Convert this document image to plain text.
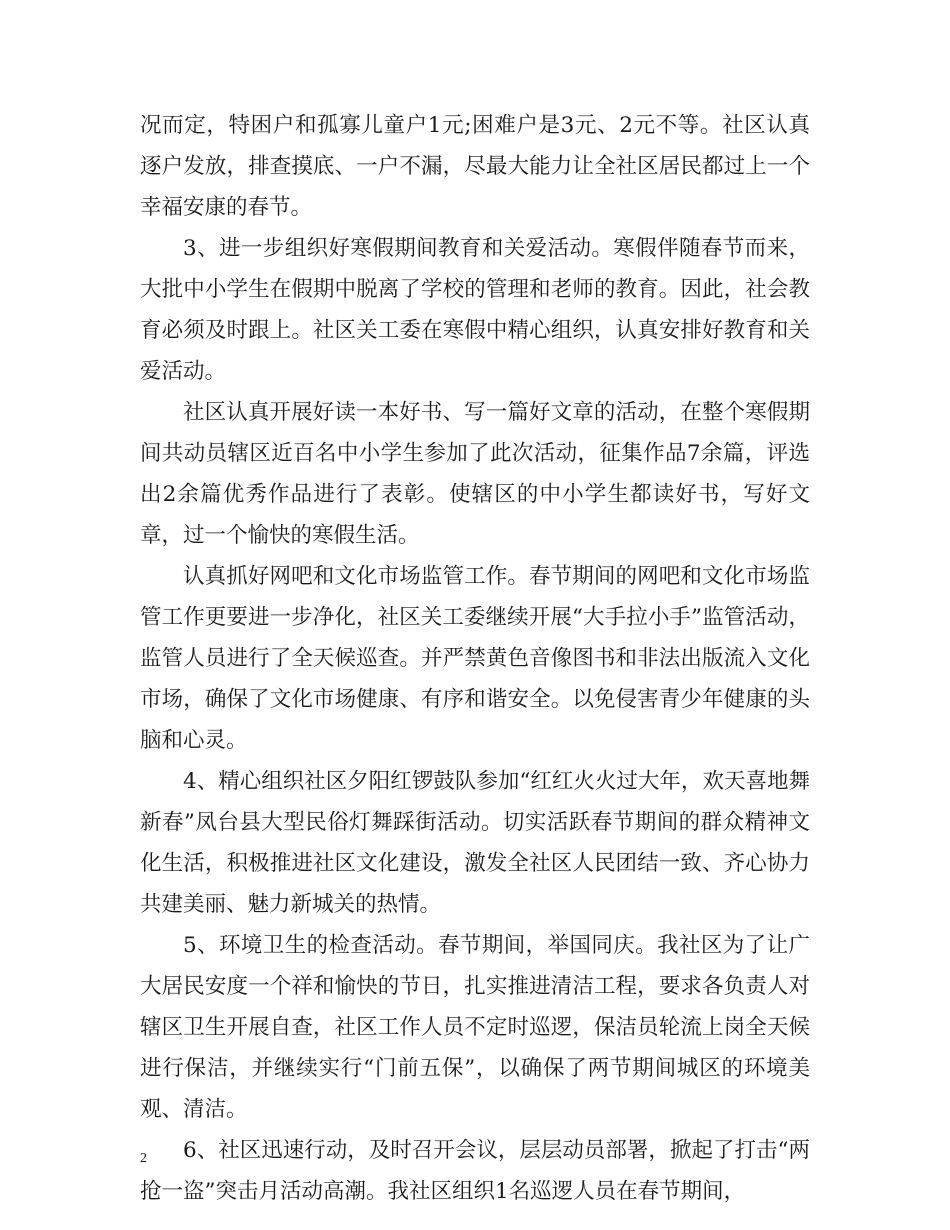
况而定，特困户和孤寡儿童户1元;困难户是3元、2元不等。社区认真逐户发放，排查摸底、一户不漏，尽最大能力让全社区居民都过上一个幸福安康的春节。

3、进一步组织好寒假期间教育和关爱活动。寒假伴随春节而来，大批中小学生在假期中脱离了学校的管理和老师的教育。因此，社会教育必须及时跟上。社区关工委在寒假中精心组织，认真安排好教育和关爱活动。

社区认真开展好读一本好书、写一篇好文章的活动，在整个寒假期间共动员辖区近百名中小学生参加了此次活动，征集作品7余篇，评选出2余篇优秀作品进行了表彰。使辖区的中小学生都读好书，写好文章，过一个愉快的寒假生活。

认真抓好网吧和文化市场监管工作。春节期间的网吧和文化市场监管工作更要进一步净化，社区关工委继续开展“大手拉小手”监管活动，监管人员进行了全天候巡查。并严禁黄色音像图书和非法出版流入文化市场，确保了文化市场健康、有序和谐安全。以免侵害青少年健康的头脑和心灵。

4、精心组织社区夕阳红锣鼓队参加“红红火火过大年，欢天喜地舞新春”凤台县大型民俗灯舞踩街活动。切实活跃春节期间的群众精神文化生活，积极推进社区文化建设，激发全社区人民团结一致、齐心协力共建美丽、魅力新城关的热情。

5、环境卫生的检查活动。春节期间，举国同庆。我社区为了让广大居民安度一个祥和愉快的节日，扎实推进清洁工程，要求各负责人对辖区卫生开展自查，社区工作人员不定时巡逻，保洁员轮流上岗全天候进行保洁，并继续实行“门前五保”，以确保了两节期间城区的环境美观、清洁。

6、社区迅速行动，及时召开会议，层层动员部署，掀起了打击“两抢一盗”突击月活动高潮。我社区组织1名巡逻人员在春节期间，

2
